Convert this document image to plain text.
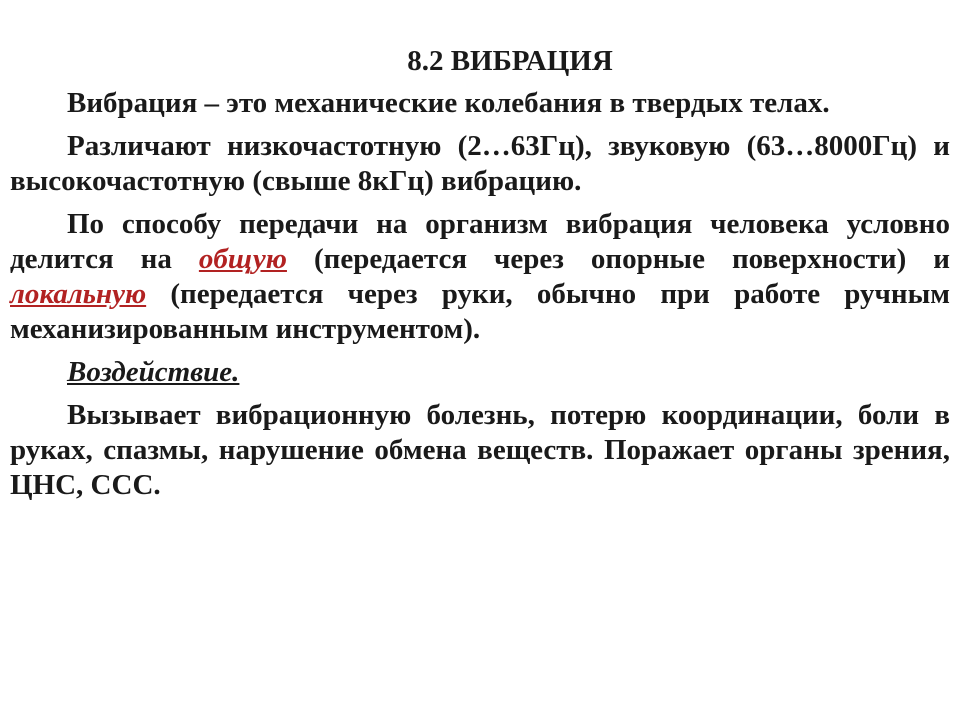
8.2 ВИБРАЦИЯ

Вибрация – это механические колебания в твердых телах.

Различают низкочастотную (2…63Гц), звуковую (63…8000Гц) и высокочастотную (свыше 8кГц) вибрацию.

По способу передачи на организм вибрация человека условно делится на общую (передается через опорные поверхности) и локальную (передается через руки, обычно при работе ручным механизированным инструментом).

Воздействие.

Вызывает вибрационную болезнь, потерю координации, боли в руках, спазмы, нарушение обмена веществ. Поражает органы зрения, ЦНС, ССС.
